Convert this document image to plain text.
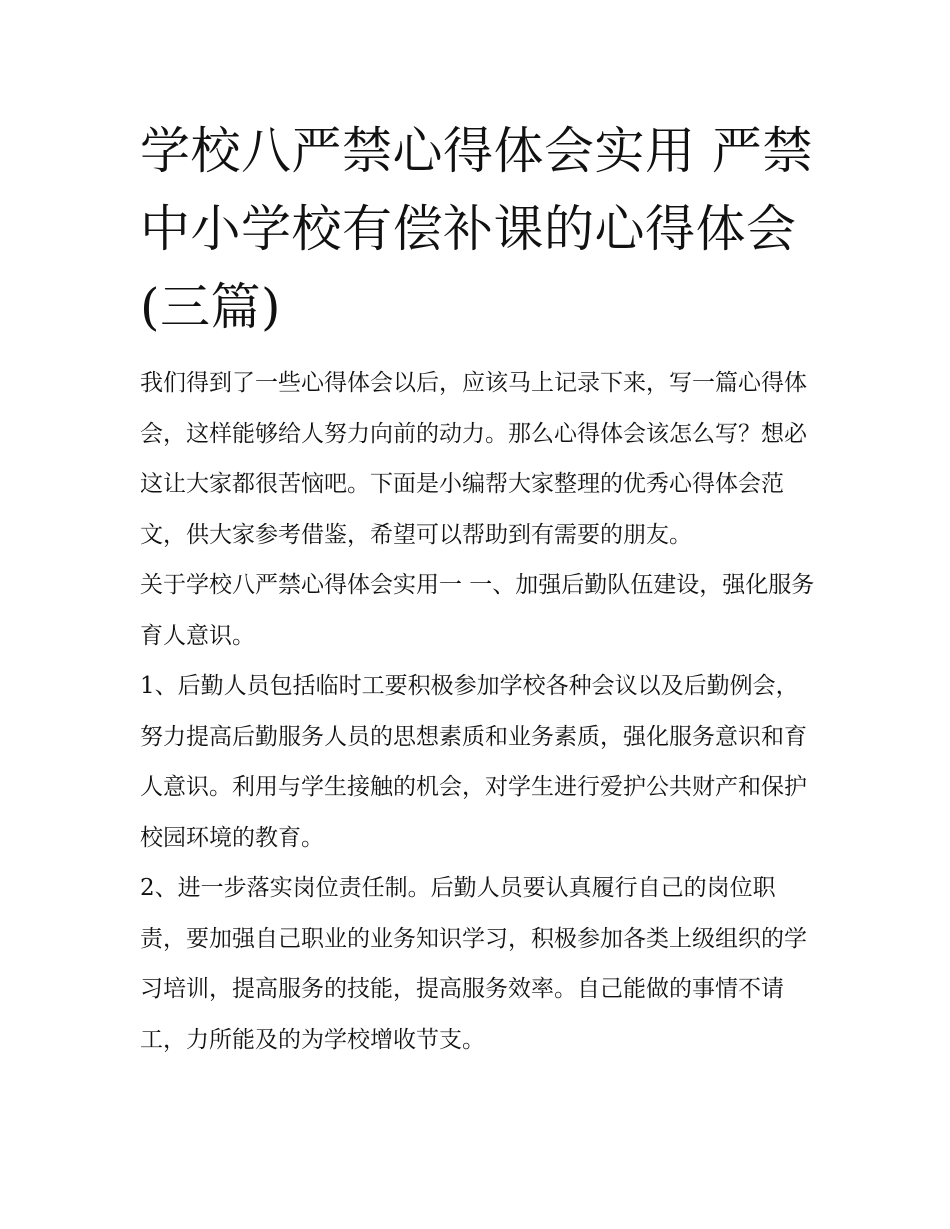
学校八严禁心得体会实用 严禁中小学校有偿补课的心得体会(三篇)

我们得到了一些心得体会以后，应该马上记录下来，写一篇心得体会，这样能够给人努力向前的动力。那么心得体会该怎么写？想必这让大家都很苦恼吧。下面是小编帮大家整理的优秀心得体会范文，供大家参考借鉴，希望可以帮助到有需要的朋友。

关于学校八严禁心得体会实用一 一、加强后勤队伍建设，强化服务育人意识。

1、后勤人员包括临时工要积极参加学校各种会议以及后勤例会，努力提高后勤服务人员的思想素质和业务素质，强化服务意识和育人意识。利用与学生接触的机会，对学生进行爱护公共财产和保护校园环境的教育。

2、进一步落实岗位责任制。后勤人员要认真履行自己的岗位职责，要加强自己职业的业务知识学习，积极参加各类上级组织的学习培训，提高服务的技能，提高服务效率。自己能做的事情不请工，力所能及的为学校增收节支。
